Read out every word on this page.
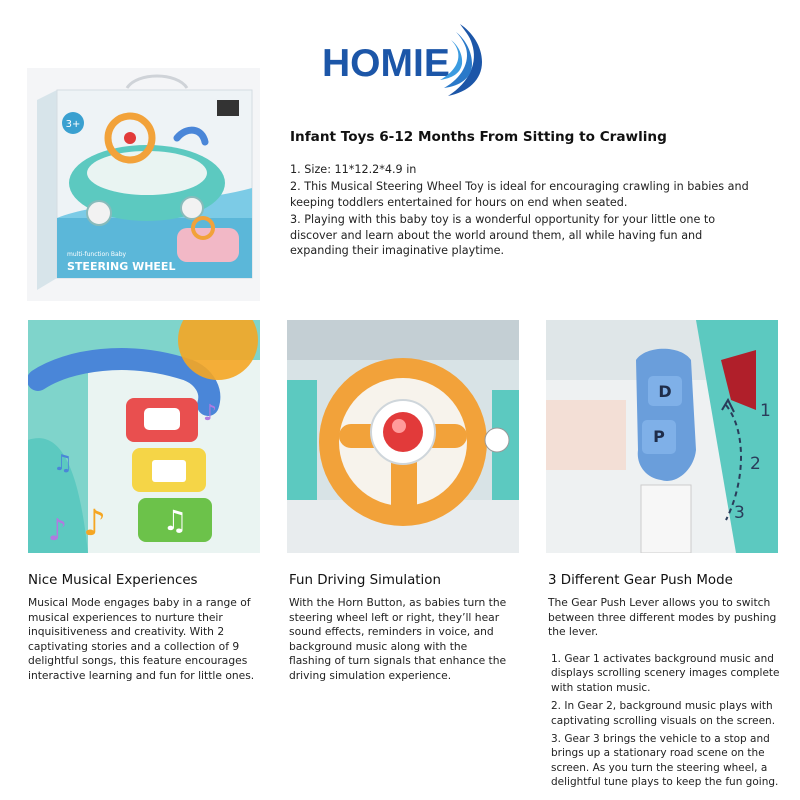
HOMIE
3+
multi-function Baby
STEERING WHEEL
Infant Toys 6-12 Months From Sitting to Crawling
1. Size: 11*12.2*4.9 in
2. This Musical Steering Wheel Toy is ideal for encouraging crawling in babies and keeping toddlers entertained for hours on end when seated.
3. Playing with this baby toy is a wonderful opportunity for your little one to discover and learn about the world around them, all while having fun and expanding their imaginative playtime.
♫
♪ ♪
♫
♪
D
P
1
2
3
Nice Musical Experiences

Musical Mode engages baby in a range of musical experiences to nurture their inquisitiveness and creativity. With 2 captivating stories and a collection of 9 delightful songs, this feature encourages interactive learning and fun for little ones.

Fun Driving Simulation

With the Horn Button, as babies turn the steering wheel left or right, they’ll hear sound effects, reminders in voice, and background music along with the flashing of turn signals that enhance the driving simulation experience.

3 Different Gear Push Mode

The Gear Push Lever allows you to switch between three different modes by pushing the lever.

1. Gear 1 activates background music and displays scrolling scenery images complete with station music.
2. In Gear 2, background music plays with captivating scrolling visuals on the screen.
3. Gear 3 brings the vehicle to a stop and brings up a stationary road scene on the screen. As you turn the steering wheel, a delightful tune plays to keep the fun going.
